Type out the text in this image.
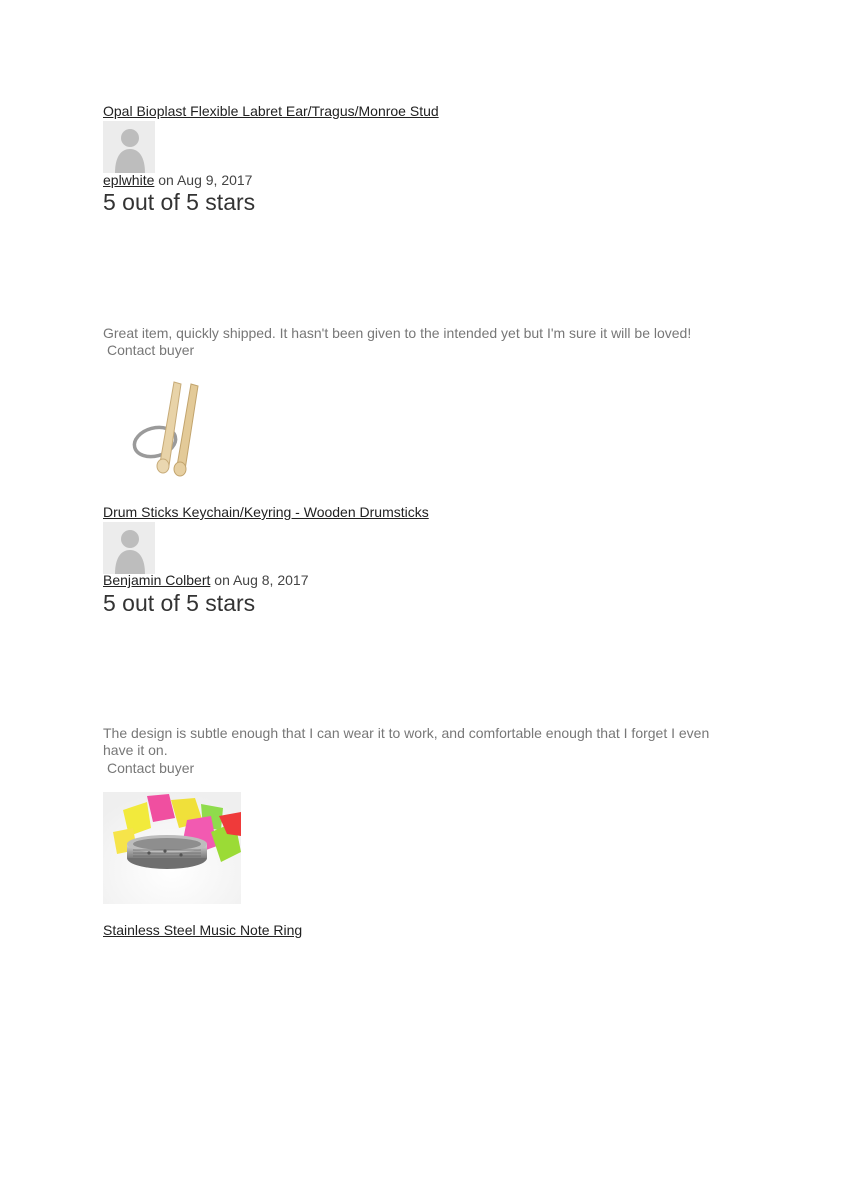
Opal Bioplast Flexible Labret Ear/Tragus/Monroe Stud
eplwhite on Aug 9, 2017
5 out of 5 stars
Great item, quickly shipped. It hasn't been given to the intended yet but I'm sure it will be loved!
Contact buyer
Drum Sticks Keychain/Keyring - Wooden Drumsticks
Benjamin Colbert on Aug 8, 2017
5 out of 5 stars
The design is subtle enough that I can wear it to work, and comfortable enough that I forget I even have it on.
Contact buyer
Stainless Steel Music Note Ring
